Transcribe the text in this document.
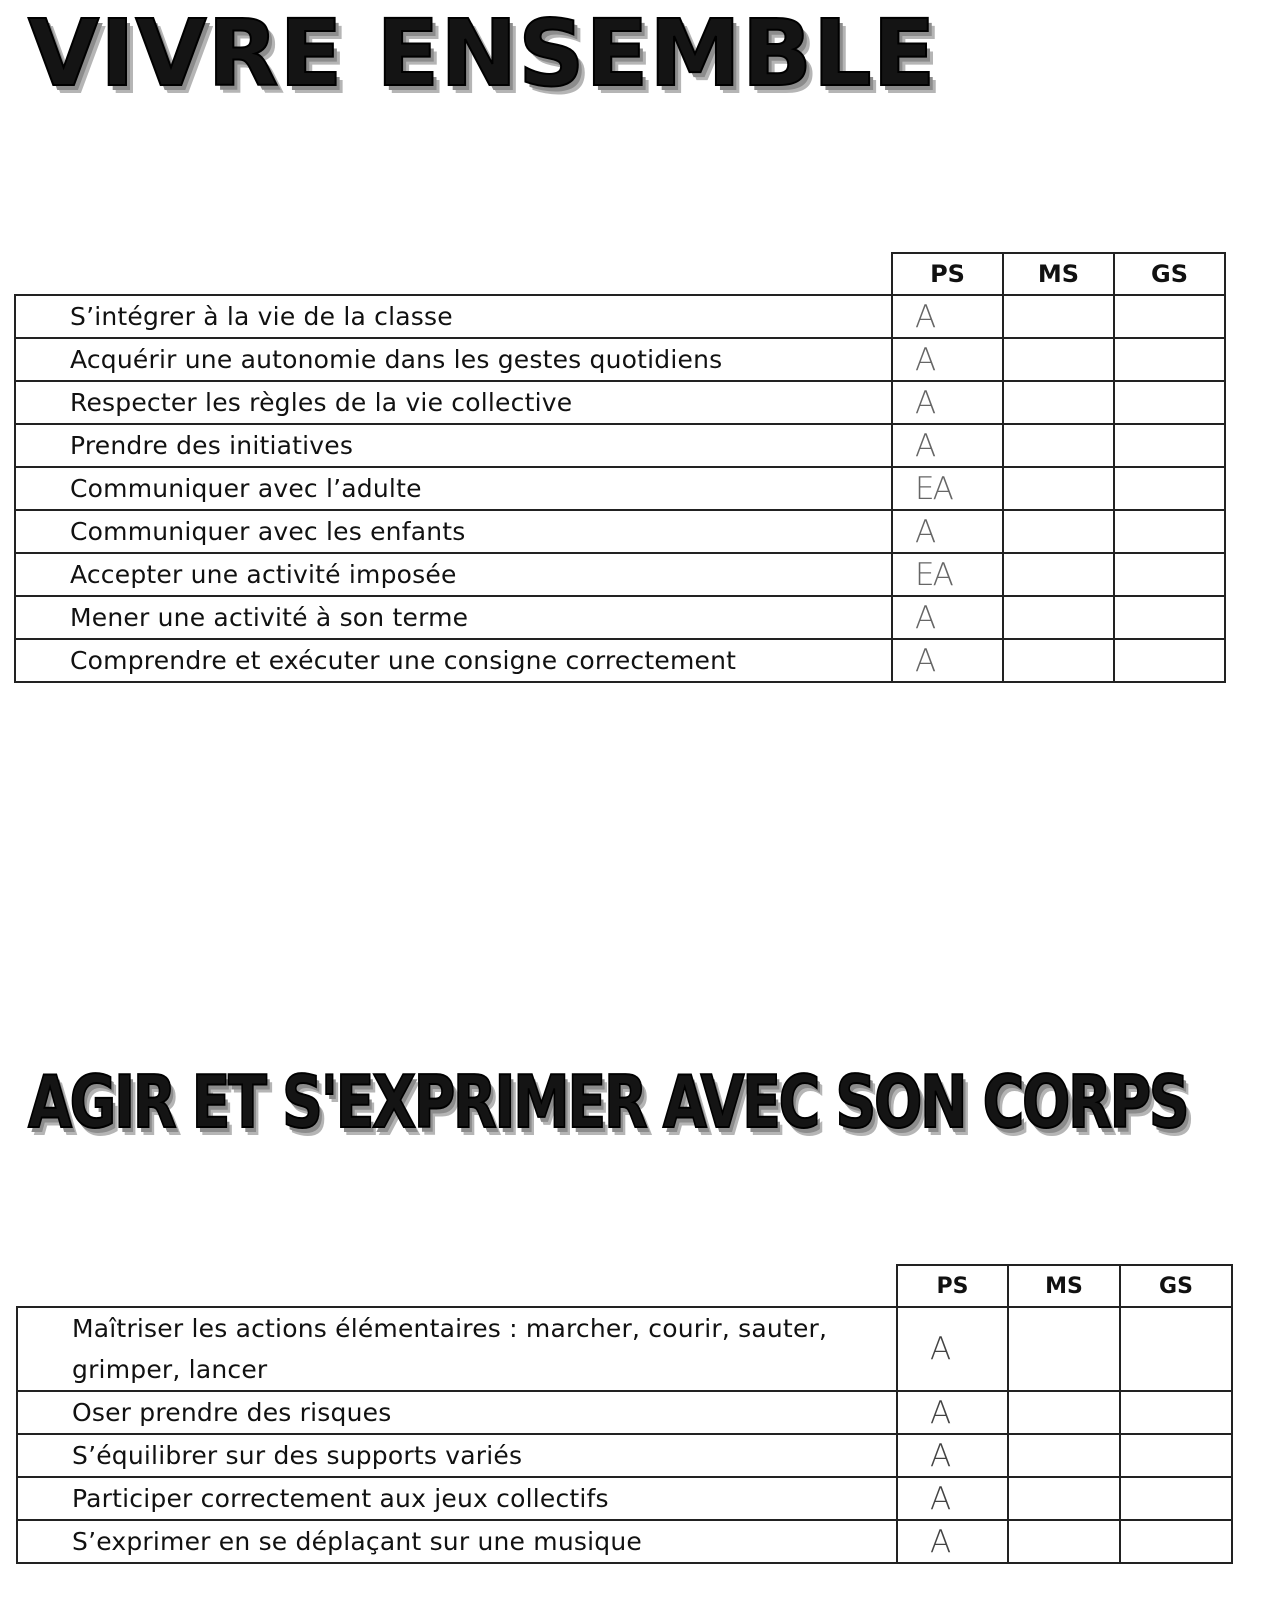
VIVRE ENSEMBLE
	PS	MS	GS
S’intégrer à la vie de la classe	A		
Acquérir une autonomie dans les gestes quotidiens	A		
Respecter les règles de la vie collective	A		
Prendre des initiatives	A		
Communiquer avec l’adulte	EA		
Communiquer avec les enfants	A		
Accepter une activité imposée	EA		
Mener une activité à son terme	A		
Comprendre et exécuter une consigne correctement	A		
AGIR ET S'EXPRIMER AVEC SON CORPS
	PS	MS	GS
Maîtriser les actions élémentaires : marcher, courir, sauter, grimper, lancer	A		
Oser prendre des risques	A		
S’équilibrer sur des supports variés	A		
Participer correctement aux jeux collectifs	A		
S’exprimer en se déplaçant sur une musique	A		
